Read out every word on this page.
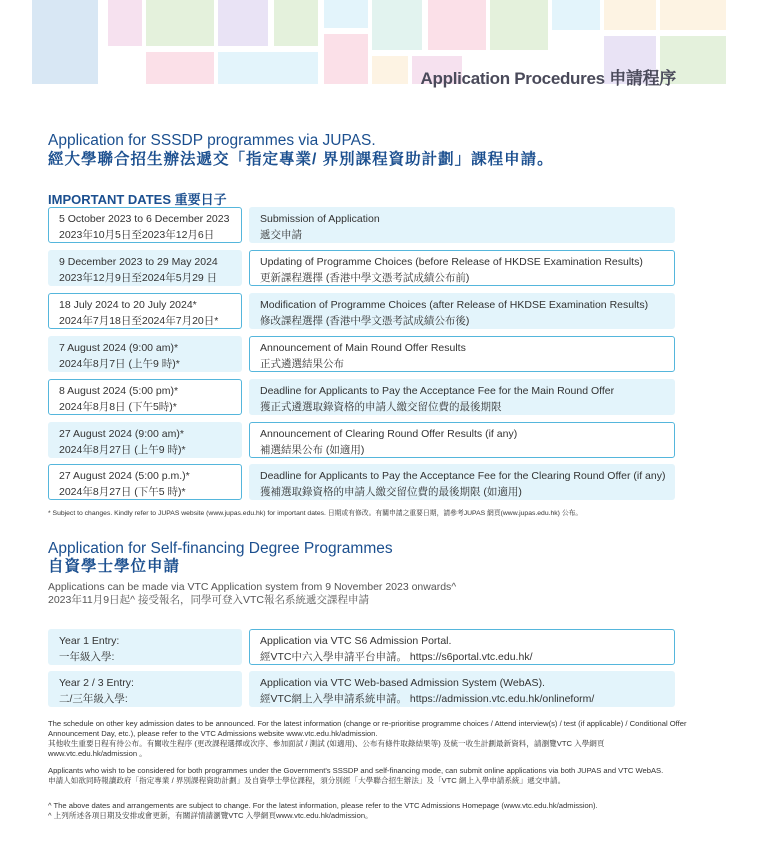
Application Procedures 申請程序
Application for SSSDP programmes via JUPAS.
經大學聯合招生辦法遞交「指定專業/ 界別課程資助計劃」課程申請。
IMPORTANT DATES 重要日子
5 October 2023 to 6 December 2023
2023年10月5日至2023年12月6日
Submission of Application
遞交申請
9 December 2023 to 29 May 2024
2023年12月9日至2024年5月29 日
Updating of Programme Choices (before Release of HKDSE Examination Results)
更新課程選擇 (香港中學文憑考試成績公布前)
18 July 2024 to 20 July 2024*
2024年7月18日至2024年7月20日*
Modification of Programme Choices (after Release of HKDSE Examination Results)
修改課程選擇 (香港中學文憑考試成績公布後)
7 August 2024 (9:00 am)*
2024年8月7日 (上午9 時)*
Announcement of Main Round Offer Results
正式遴選結果公布
8 August 2024 (5:00 pm)*
2024年8月8日 (下午5時)*
Deadline for Applicants to Pay the Acceptance Fee for the Main Round Offer
獲正式遴選取錄資格的申請人繳交留位費的最後期限
27 August 2024 (9:00 am)*
2024年8月27日 (上午9 時)*
Announcement of Clearing Round Offer Results (if any)
補選結果公布 (如適用)
27 August 2024 (5:00 p.m.)*
2024年8月27日 (下午5 時)*
Deadline for Applicants to Pay the Acceptance Fee for the Clearing Round Offer (if any)
獲補選取錄資格的申請人繳交留位費的最後期限 (如適用)
* Subject to changes. Kindly refer to JUPAS website (www.jupas.edu.hk) for important dates. 日期或有修改。有關申請之重要日期，請參考JUPAS 網頁(www.jupas.edu.hk) 公布。
Application for Self-financing Degree Programmes
自資學士學位申請
Applications can be made via VTC Application system from 9 November 2023 onwards^
2023年11月9日起^ 接受報名，同學可登入VTC報名系統遞交課程申請
Year 1 Entry:
一年級入學:
Application via VTC S6 Admission Portal.
經VTC中六入學申請平台申請。 https://s6portal.vtc.edu.hk/
Year 2 / 3 Entry:
二/三年級入學:
Application via VTC Web-based Admission System (WebAS).
經VTC網上入學申請系統申請。 https://admission.vtc.edu.hk/onlineform/
The schedule on other key admission dates to be announced. For the latest information (change or re-prioritise programme choices / Attend interview(s) / test (if applicable) / Conditional Offer Announcement Day, etc.), please refer to the VTC Admissions website www.vtc.edu.hk/admission.
其他收生重要日程有待公布。有關收生程序 (更改課程選擇或次序、參加面試 / 測試 (如適用)、公布有條件取錄結果等) 及統一收生計劃最新資料，請瀏覽VTC 入學網頁 www.vtc.edu.hk/admission 。
Applicants who wish to be considered for both programmes under the Government's SSSDP and self-financing mode, can submit online applications via both JUPAS and VTC WebAS.
申請人如欲同時報讀政府「指定專業 / 界別課程資助計劃」及自資學士學位課程，須分別經「大學聯合招生辦法」及「VTC 網上入學申請系統」遞交申請。
^ The above dates and arrangements are subject to change. For the latest information, please refer to the VTC Admissions Homepage (www.vtc.edu.hk/admission).
^ 上列所述各項日期及安排或會更新，有關詳情請瀏覽VTC 入學網頁www.vtc.edu.hk/admission。
